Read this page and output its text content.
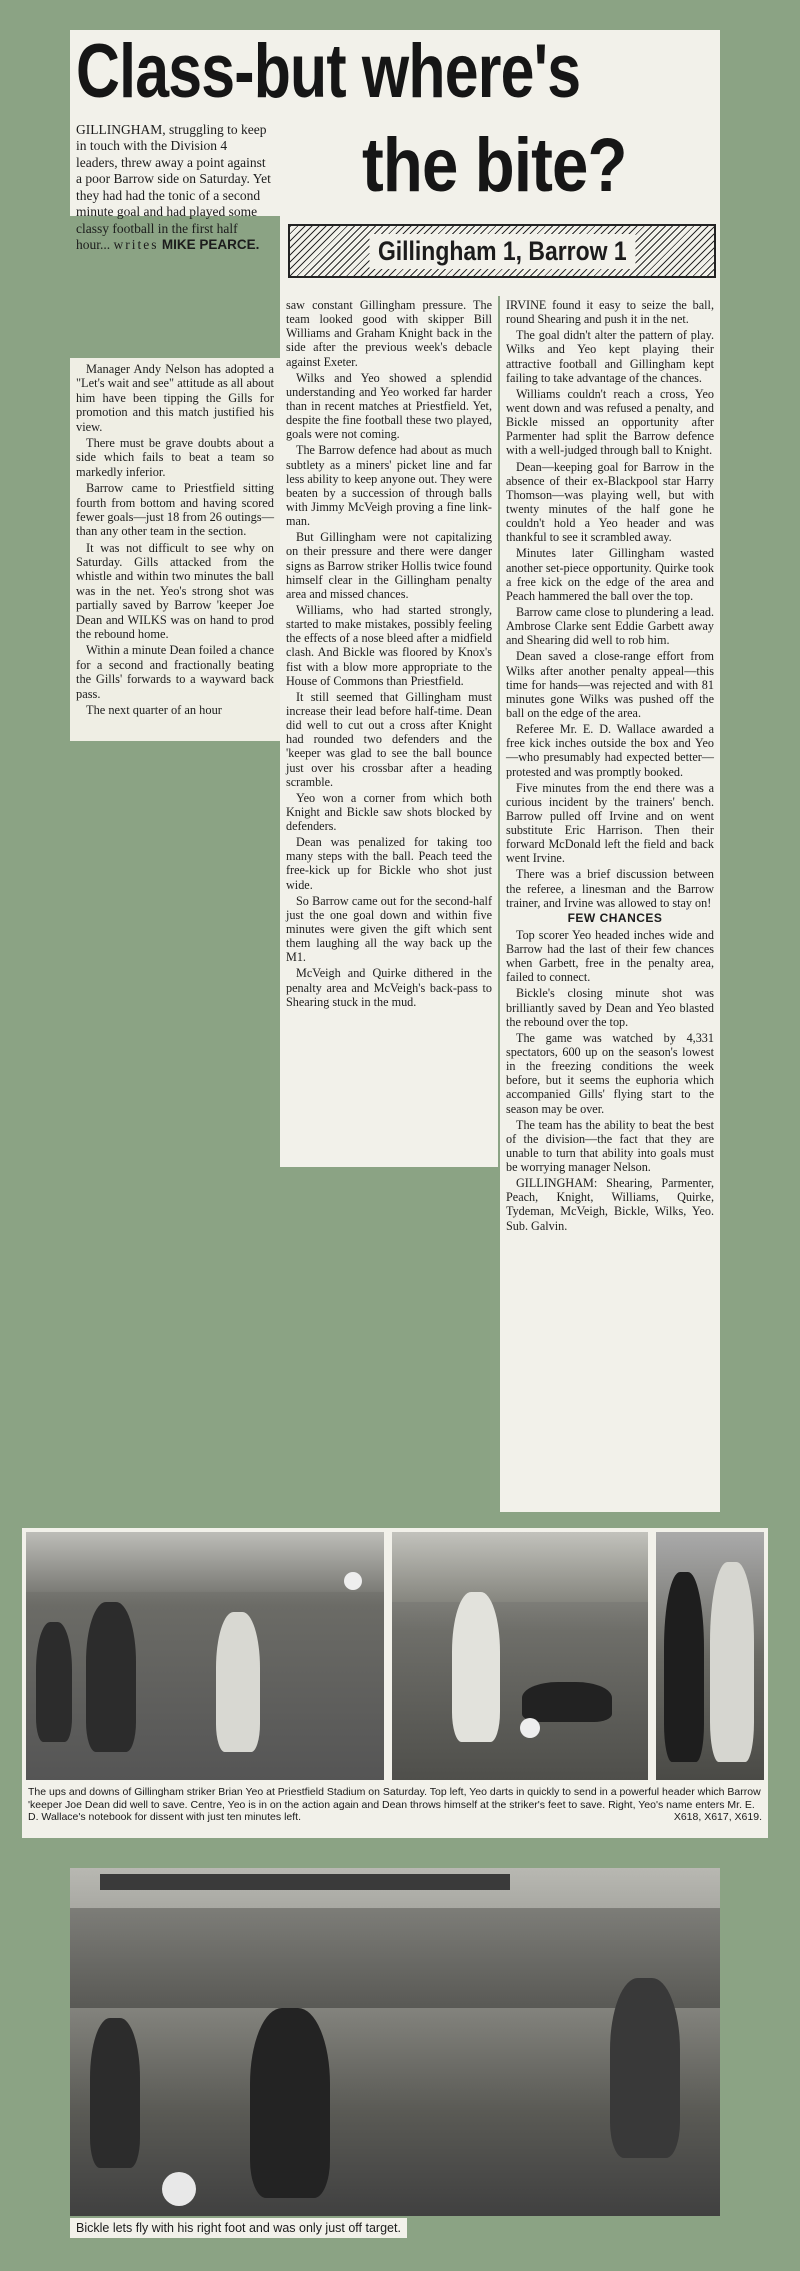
Class-but where's
the bite?
GILLINGHAM, struggling to keep in touch with the Division 4 leaders, threw away a point against a poor Barrow side on Saturday. Yet they had had the tonic of a second minute goal and had played some classy football in the first half hour... writes MIKE PEARCE.

Manager Andy Nelson has adopted a "Let's wait and see" attitude as all about him have been tipping the Gills for promotion and this match justified his view.

There must be grave doubts about a side which fails to beat a team so markedly inferior.

Barrow came to Priestfield sitting fourth from bottom and having scored fewer goals—just 18 from 26 outings—than any other team in the section.

It was not difficult to see why on Saturday. Gills attacked from the whistle and within two minutes the ball was in the net. Yeo's strong shot was partially saved by Barrow 'keeper Joe Dean and WILKS was on hand to prod the rebound home.

Within a minute Dean foiled a chance for a second and fractionally beating the Gills' forwards to a wayward back pass.

The next quarter of an hour

Gillingham 1, Barrow 1

saw constant Gillingham pressure. The team looked good with skipper Bill Williams and Graham Knight back in the side after the previous week's debacle against Exeter.

Wilks and Yeo showed a splendid understanding and Yeo worked far harder than in recent matches at Priestfield. Yet, despite the fine football these two played, goals were not coming.

The Barrow defence had about as much subtlety as a miners' picket line and far less ability to keep anyone out. They were beaten by a succession of through balls with Jimmy McVeigh proving a fine link-man.

But Gillingham were not capitalizing on their pressure and there were danger signs as Barrow striker Hollis twice found himself clear in the Gillingham penalty area and missed chances.

Williams, who had started strongly, started to make mistakes, possibly feeling the effects of a nose bleed after a midfield clash. And Bickle was floored by Knox's fist with a blow more appropriate to the House of Commons than Priestfield.

It still seemed that Gillingham must increase their lead before half-time. Dean did well to cut out a cross after Knight had rounded two defenders and the 'keeper was glad to see the ball bounce just over his crossbar after a heading scramble.

Yeo won a corner from which both Knight and Bickle saw shots blocked by defenders.

Dean was penalized for taking too many steps with the ball. Peach teed the free-kick up for Bickle who shot just wide.

So Barrow came out for the second-half just the one goal down and within five minutes were given the gift which sent them laughing all the way back up the M1.

McVeigh and Quirke dithered in the penalty area and McVeigh's back-pass to Shearing stuck in the mud.

IRVINE found it easy to seize the ball, round Shearing and push it in the net.

The goal didn't alter the pattern of play. Wilks and Yeo kept playing their attractive football and Gillingham kept failing to take advantage of the chances.

Williams couldn't reach a cross, Yeo went down and was refused a penalty, and Bickle missed an opportunity after Parmenter had split the Barrow defence with a well-judged through ball to Knight.

Dean—keeping goal for Barrow in the absence of their ex-Blackpool star Harry Thomson—was playing well, but with twenty minutes of the half gone he couldn't hold a Yeo header and was thankful to see it scrambled away.

Minutes later Gillingham wasted another set-piece opportunity. Quirke took a free kick on the edge of the area and Peach hammered the ball over the top.

Barrow came close to plundering a lead. Ambrose Clarke sent Eddie Garbett away and Shearing did well to rob him.

Dean saved a close-range effort from Wilks after another penalty appeal—this time for hands—was rejected and with 81 minutes gone Wilks was pushed off the ball on the edge of the area.

Referee Mr. E. D. Wallace awarded a free kick inches outside the box and Yeo—who presumably had expected better—protested and was promptly booked.

Five minutes from the end there was a curious incident by the trainers' bench. Barrow pulled off Irvine and on went substitute Eric Harrison. Then their forward McDonald left the field and back went Irvine.

There was a brief discussion between the referee, a linesman and the Barrow trainer, and Irvine was allowed to stay on!

FEW CHANCES

Top scorer Yeo headed inches wide and Barrow had the last of their few chances when Garbett, free in the penalty area, failed to connect.

Bickle's closing minute shot was brilliantly saved by Dean and Yeo blasted the rebound over the top.

The game was watched by 4,331 spectators, 600 up on the season's lowest in the freezing conditions the week before, but it seems the euphoria which accompanied Gills' flying start to the season may be over.

The team has the ability to beat the best of the division—the fact that they are unable to turn that ability into goals must be worrying manager Nelson.

GILLINGHAM: Shearing, Parmenter, Peach, Knight, Williams, Quirke, Tydeman, McVeigh, Bickle, Wilks, Yeo. Sub. Galvin.

The ups and downs of Gillingham striker Brian Yeo at Priestfield Stadium on Saturday. Top left, Yeo darts in quickly to send in a powerful header which Barrow 'keeper Joe Dean did well to save. Centre, Yeo is in on the action again and Dean throws himself at the striker's feet to save. Right, Yeo's name enters Mr. E. D. Wallace's notebook for dissent with just ten minutes left.	X618, X617, X619.
Bickle lets fly with his right foot and was only just off target.
